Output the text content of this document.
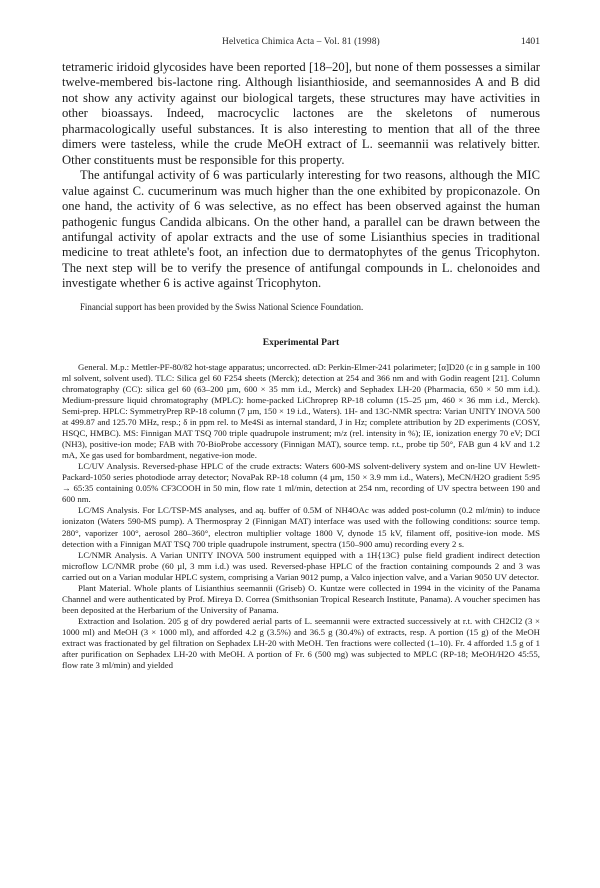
Helvetica Chimica Acta – Vol. 81 (1998)	1401

tetrameric iridoid glycosides have been reported [18–20], but none of them possesses a similar twelve-membered bis-lactone ring. Although lisianthioside, and seemannosides A and B did not show any activity against our biological targets, these structures may have activities in other bioassays. Indeed, macrocyclic lactones are the skeletons of numerous pharmacologically useful substances. It is also interesting to mention that all of the three dimers were tasteless, while the crude MeOH extract of L. seemannii was relatively bitter. Other constituents must be responsible for this property.

The antifungal activity of 6 was particularly interesting for two reasons, although the MIC value against C. cucumerinum was much higher than the one exhibited by propiconazole. On one hand, the activity of 6 was selective, as no effect has been observed against the human pathogenic fungus Candida albicans. On the other hand, a parallel can be drawn between the antifungal activity of apolar extracts and the use of some Lisianthius species in traditional medicine to treat athlete's foot, an infection due to dermatophytes of the genus Tricophyton. The next step will be to verify the presence of antifungal compounds in L. chelonoides and investigate whether 6 is active against Tricophyton.

Financial support has been provided by the Swiss National Science Foundation.

Experimental Part

General. M.p.: Mettler-PF-80/82 hot-stage apparatus; uncorrected. αD: Perkin-Elmer-241 polarimeter; [α]D20 (c in g sample in 100 ml solvent, solvent used). TLC: Silica gel 60 F254 sheets (Merck); detection at 254 and 366 nm and with Godin reagent [21]. Column chromatography (CC): silica gel 60 (63–200 µm, 600 × 35 mm i.d., Merck) and Sephadex LH-20 (Pharmacia, 650 × 50 mm i.d.). Medium-pressure liquid chromatography (MPLC): home-packed LiChroprep RP-18 column (15–25 µm, 460 × 36 mm i.d., Merck). Semi-prep. HPLC: SymmetryPrep RP-18 column (7 µm, 150 × 19 i.d., Waters). 1H- and 13C-NMR spectra: Varian UNITY INOVA 500 at 499.87 and 125.70 MHz, resp.; δ in ppm rel. to Me4Si as internal standard, J in Hz; complete attribution by 2D experiments (COSY, HSQC, HMBC). MS: Finnigan MAT TSQ 700 triple quadrupole instrument; m/z (rel. intensity in %); IE, ionization energy 70 eV; DCI (NH3), positive-ion mode; FAB with 70-BioProbe accessory (Finnigan MAT), source temp. r.t., probe tip 50°, FAB gun 4 kV and 1.2 mA, Xe gas used for bombardment, negative-ion mode.

LC/UV Analysis. Reversed-phase HPLC of the crude extracts: Waters 600-MS solvent-delivery system and on-line UV Hewlett-Packard-1050 series photodiode array detector; NovaPak RP-18 column (4 µm, 150 × 3.9 mm i.d., Waters), MeCN/H2O gradient 5:95 → 65:35 containing 0.05% CF3COOH in 50 min, flow rate 1 ml/min, detection at 254 nm, recording of UV spectra between 190 and 600 nm.

LC/MS Analysis. For LC/TSP-MS analyses, and aq. buffer of 0.5M of NH4OAc was added post-column (0.2 ml/min) to induce ionizaton (Waters 590-MS pump). A Thermospray 2 (Finnigan MAT) interface was used with the following conditions: source temp. 280°, vaporizer 100°, aerosol 280–360°, electron multiplier voltage 1800 V, dynode 15 kV, filament off, positive-ion mode. MS detection with a Finnigan MAT TSQ 700 triple quadrupole instrument, spectra (150–900 amu) recording every 2 s.

LC/NMR Analysis. A Varian UNITY INOVA 500 instrument equipped with a 1H{13C} pulse field gradient indirect detection microflow LC/NMR probe (60 µl, 3 mm i.d.) was used. Reversed-phase HPLC of the fraction containing compounds 2 and 3 was carried out on a Varian modular HPLC system, comprising a Varian 9012 pump, a Valco injection valve, and a Varian 9050 UV detector.

Plant Material. Whole plants of Lisianthius seemannii (Griseb) O. Kuntze were collected in 1994 in the vicinity of the Panama Channel and were authenticated by Prof. Mireya D. Correa (Smithsonian Tropical Research Institute, Panama). A voucher specimen has been deposited at the Herbarium of the University of Panama.

Extraction and Isolation. 205 g of dry powdered aerial parts of L. seemannii were extracted successively at r.t. with CH2Cl2 (3 × 1000 ml) and MeOH (3 × 1000 ml), and afforded 4.2 g (3.5%) and 36.5 g (30.4%) of extracts, resp. A portion (15 g) of the MeOH extract was fractionated by gel filtration on Sephadex LH-20 with MeOH. Ten fractions were collected (1–10). Fr. 4 afforded 1.5 g of 1 after purification on Sephadex LH-20 with MeOH. A portion of Fr. 6 (500 mg) was subjected to MPLC (RP-18; MeOH/H2O 45:55, flow rate 3 ml/min) and yielded
